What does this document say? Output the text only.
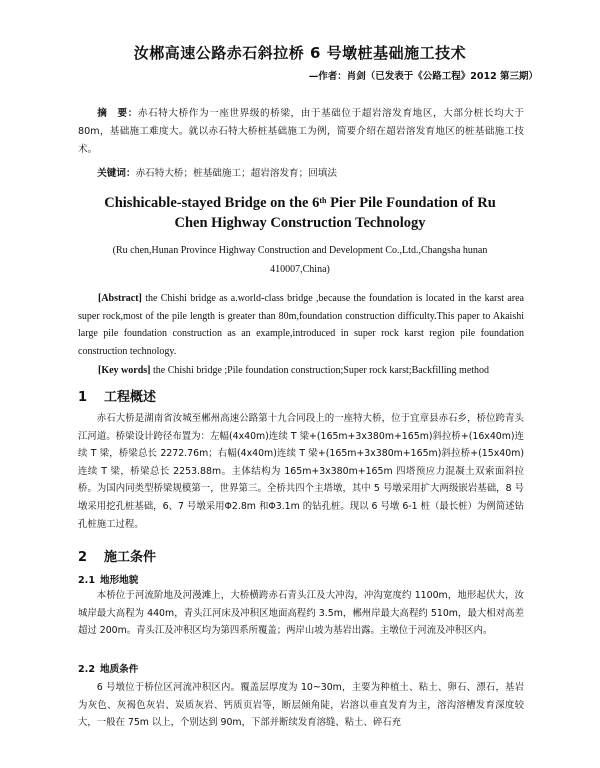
汝郴高速公路赤石斜拉桥 6 号墩桩基础施工技术
—作者：肖剑（已发表于《公路工程》2012 第三期）
摘　要：赤石特大桥作为一座世界级的桥梁，由于基础位于超岩溶发育地区，大部分桩长均大于 80m，基础施工难度大。就以赤石特大桥桩基础施工为例，简要介绍在超岩溶发育地区的桩基础施工技术。
关键词：赤石特大桥；桩基础施工；超岩溶发育；回填法
Chishicable-stayed Bridge on the 6th Pier Pile Foundation of Ru Chen Highway Construction Technology
(Ru chen,Hunan Province Highway Construction and Development Co.,Ltd.,Changsha hunan
410007,China)
[Abstract] the Chishi bridge as a.world-class bridge ,because the foundation is located in the karst area super rock,most of the pile length is greater than 80m,foundation construction difficulty.This paper to Akaishi large pile foundation construction as an example,introduced in super rock karst region pile foundation construction technology.
[Key words] the Chishi bridge ;Pile foundation construction;Super rock karst;Backfilling method
1 工程概述
赤石大桥是湖南省汝城至郴州高速公路第十九合同段上的一座特大桥，位于宜章县赤石乡，桥位跨青头江河道。桥梁设计跨径布置为：左幅(4x40m)连续 T 梁+(165m+3x380m+165m)斜拉桥+(16x40m)连续 T 梁，桥梁总长 2272.76m；右幅(4x40m)连续 T 梁+(165m+3x380m+165m)斜拉桥+(15x40m)连续 T 梁，桥梁总长 2253.88m。主体结构为 165m+3x380m+165m 四塔预应力混凝土双索面斜拉桥。为国内同类型桥梁规模第一，世界第三。全桥共四个主塔墩，其中 5 号墩采用扩大两级嵌岩基础，8 号墩采用挖孔桩基础，6、7 号墩采用Φ2.8m 和Φ3.1m 的钻孔桩。现以 6 号墩 6-1 桩（最长桩）为例简述钻孔桩施工过程。
2 施工条件
2.1 地形地貌
本桥位于河流阶地及河漫滩上，大桥横跨赤石青头江及大冲沟，冲沟宽度约 1100m，地形起伏大，汝城岸最大高程为 440m，青头江河床及冲积区地面高程约 3.5m，郴州岸最大高程约 510m，最大相对高差超过 200m。青头江及冲积区均为第四系所覆盖；两岸山坡为基岩出露。主墩位于河流及冲积区内。
2.2 地质条件
6 号墩位于桥位区河流冲积区内。覆盖层厚度为 10~30m，主要为种植土、粘土、卵石、漂石，基岩为灰色、灰褐色灰岩、炭质灰岩、钙质页岩等，断层倾角陡，岩溶以垂直发育为主，溶沟溶槽发育深度较大，一般在 75m 以上，个别达到 90m，下部并断续发育溶缝、粘土、碎石充
